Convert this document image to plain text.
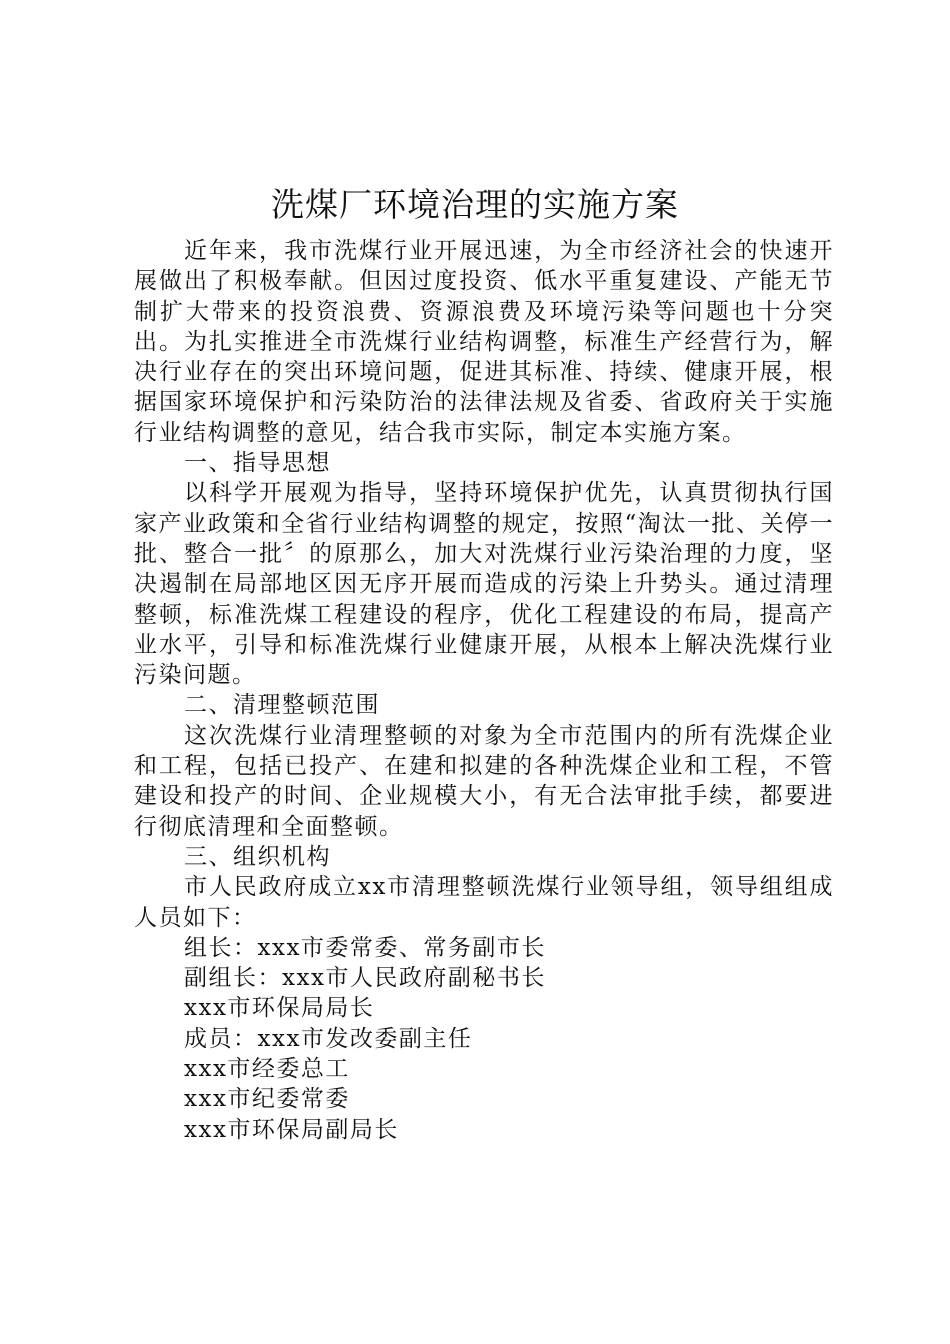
洗煤厂环境治理的实施方案

近年来，我市洗煤行业开展迅速，为全市经济社会的快速开展做出了积极奉献。但因过度投资、低水平重复建设、产能无节制扩大带来的投资浪费、资源浪费及环境污染等问题也十分突出。为扎实推进全市洗煤行业结构调整，标准生产经营行为，解决行业存在的突出环境问题，促进其标准、持续、健康开展，根据国家环境保护和污染防治的法律法规及省委、省政府关于实施行业结构调整的意见，结合我市实际，制定本实施方案。

一、指导思想

以科学开展观为指导，坚持环境保护优先，认真贯彻执行国家产业政策和全省行业结构调整的规定，按照“淘汰一批、关停一批、整合一批〞的原那么，加大对洗煤行业污染治理的力度，坚决遏制在局部地区因无序开展而造成的污染上升势头。通过清理整顿，标准洗煤工程建设的程序，优化工程建设的布局，提高产业水平，引导和标准洗煤行业健康开展，从根本上解决洗煤行业污染问题。

二、清理整顿范围

这次洗煤行业清理整顿的对象为全市范围内的所有洗煤企业和工程，包括已投产、在建和拟建的各种洗煤企业和工程，不管建设和投产的时间、企业规模大小，有无合法审批手续，都要进行彻底清理和全面整顿。

三、组织机构

市人民政府成立xx市清理整顿洗煤行业领导组，领导组组成人员如下：

组长：xxx市委常委、常务副市长

副组长：xxx市人民政府副秘书长

xxx市环保局局长

成员：xxx市发改委副主任

xxx市经委总工

xxx市纪委常委

xxx市环保局副局长
